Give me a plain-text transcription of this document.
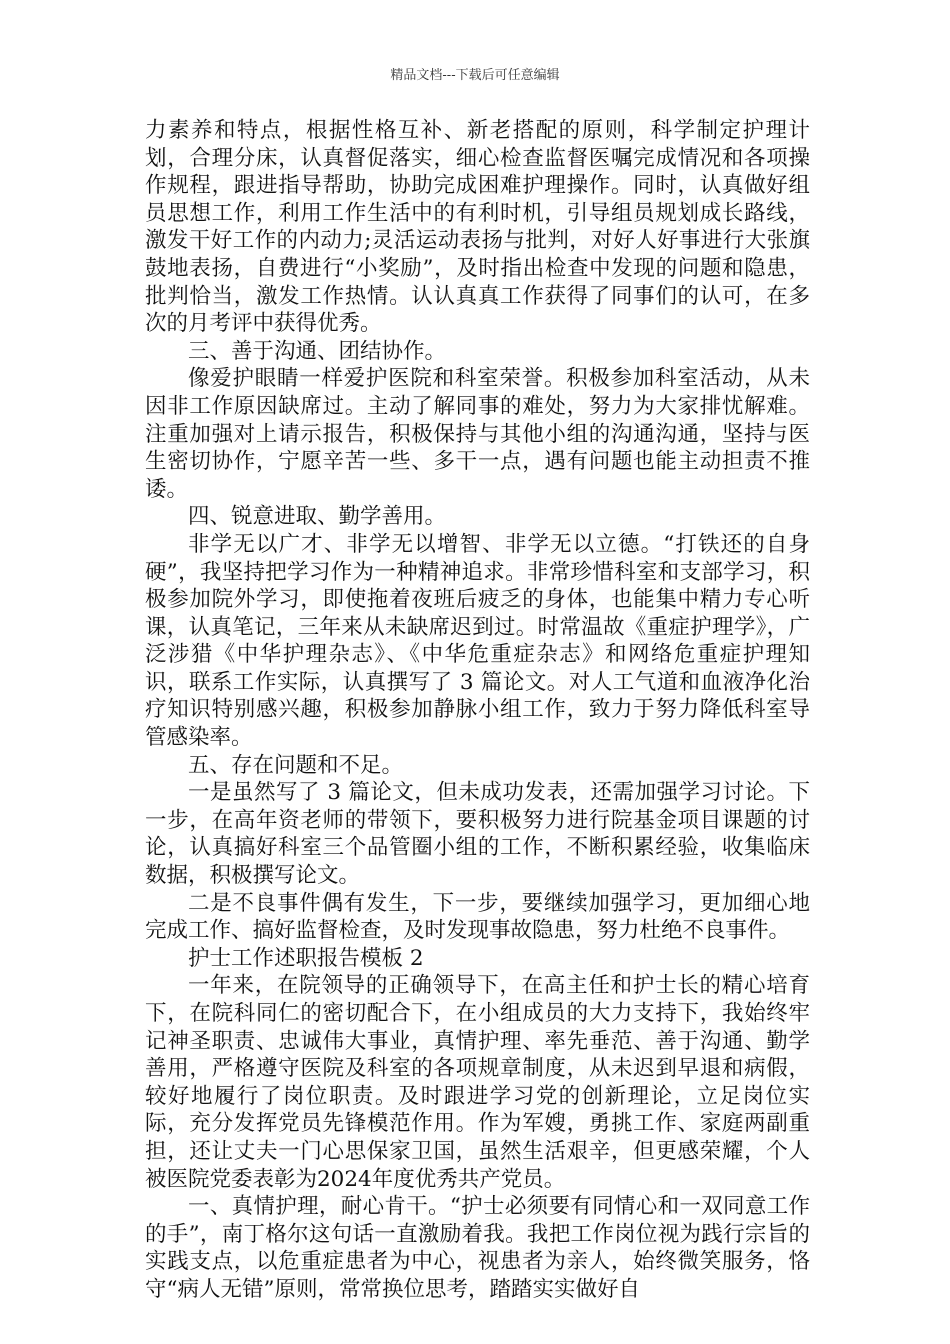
精品文档---下载后可任意编辑

力素养和特点，根据性格互补、新老搭配的原则，科学制定护理计划，合理分床，认真督促落实，细心检查监督医嘱完成情况和各项操作规程，跟进指导帮助，协助完成困难护理操作。同时，认真做好组员思想工作，利用工作生活中的有利时机，引导组员规划成长路线，激发干好工作的内动力;灵活运动表扬与批判，对好人好事进行大张旗鼓地表扬，自费进行“小奖励”，及时指出检查中发现的问题和隐患，批判恰当，激发工作热情。认认真真工作获得了同事们的认可，在多次的月考评中获得优秀。

三、善于沟通、团结协作。

像爱护眼睛一样爱护医院和科室荣誉。积极参加科室活动，从未因非工作原因缺席过。主动了解同事的难处，努力为大家排忧解难。注重加强对上请示报告，积极保持与其他小组的沟通沟通，坚持与医生密切协作，宁愿辛苦一些、多干一点，遇有问题也能主动担责不推诿。

四、锐意进取、勤学善用。

非学无以广才、非学无以增智、非学无以立德。“打铁还的自身硬”，我坚持把学习作为一种精神追求。非常珍惜科室和支部学习，积极参加院外学习，即使拖着夜班后疲乏的身体，也能集中精力专心听课，认真笔记，三年来从未缺席迟到过。时常温故《重症护理学》，广泛涉猎《中华护理杂志》、《中华危重症杂志》和网络危重症护理知识，联系工作实际，认真撰写了 3 篇论文。对人工气道和血液净化治疗知识特别感兴趣，积极参加静脉小组工作，致力于努力降低科室导管感染率。

五、存在问题和不足。

一是虽然写了 3 篇论文，但未成功发表，还需加强学习讨论。下一步，在高年资老师的带领下，要积极努力进行院基金项目课题的讨论，认真搞好科室三个品管圈小组的工作，不断积累经验，收集临床数据，积极撰写论文。

二是不良事件偶有发生，下一步，要继续加强学习，更加细心地完成工作、搞好监督检查，及时发现事故隐患，努力杜绝不良事件。

护士工作述职报告模板 2

一年来，在院领导的正确领导下，在高主任和护士长的精心培育下，在院科同仁的密切配合下，在小组成员的大力支持下，我始终牢记神圣职责、忠诚伟大事业，真情护理、率先垂范、善于沟通、勤学善用，严格遵守医院及科室的各项规章制度，从未迟到早退和病假，较好地履行了岗位职责。及时跟进学习党的创新理论，立足岗位实际，充分发挥党员先锋模范作用。作为军嫂，勇挑工作、家庭两副重担，还让丈夫一门心思保家卫国，虽然生活艰辛，但更感荣耀，个人被医院党委表彰为2024年度优秀共产党员。

一、真情护理，耐心肯干。“护士必须要有同情心和一双同意工作的手”，南丁格尔这句话一直激励着我。我把工作岗位视为践行宗旨的实践支点，以危重症患者为中心，视患者为亲人，始终微笑服务，恪守“病人无错”原则，常常换位思考，踏踏实实做好自
